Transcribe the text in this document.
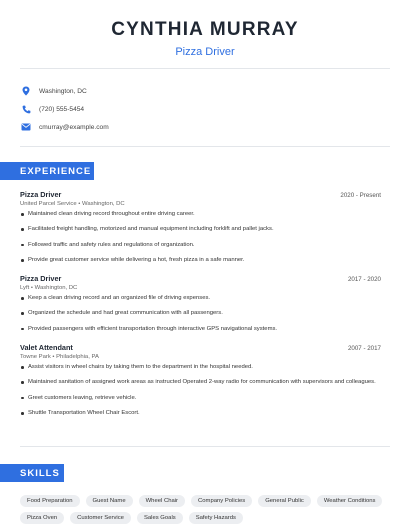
CYNTHIA MURRAY
Pizza Driver
Washington, DC
(720) 555-5454
cmurray@example.com
EXPERIENCE
Pizza Driver	2020 - Present
United Parcel Service • Washington, DC
Maintained clean driving record throughout entire driving career.
Facilitated freight handling, motorized and manual equipment including forklift and pallet jacks.
Followed traffic and safety rules and regulations of organization.
Provide great customer service while delivering a hot, fresh pizza in a safe manner.
Pizza Driver	2017 - 2020
Lyft • Washington, DC
Keep a clean driving record and an organized file of driving expenses.
Organized the schedule and had great communication with all passengers.
Provided passengers with efficient transportation through interactive GPS navigational systems.
Valet Attendant	2007 - 2017
Towne Park • Philadelphia, PA
Assist visitors in wheel chairs by taking them to the department in the hospital needed.
Maintained sanitation of assigned work areas as instructed Operated 2-way radio for communication with supervisors and colleagues.
Greet customers leaving, retrieve vehicle.
Shuttle Transportation Wheel Chair Escort.
SKILLS
Food Preparation	Guest Name	Wheel Chair	Company Policies	General Public	Weather Conditions
Pizza Oven	Customer Service	Sales Goals	Safety Hazards
